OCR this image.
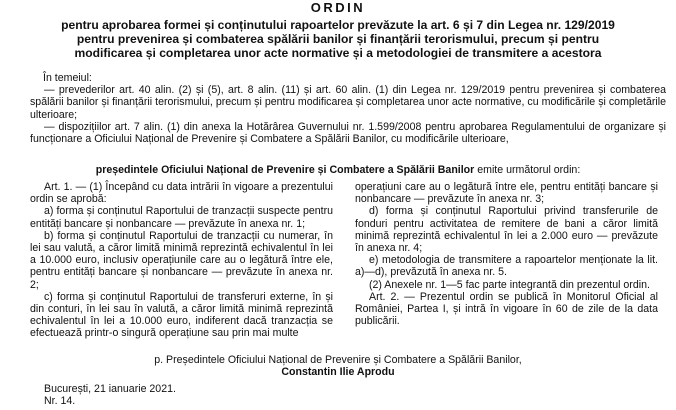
ORDIN
pentru aprobarea formei și conținutului rapoartelor prevăzute la art. 6 și 7 din Legea nr. 129/2019
pentru prevenirea și combaterea spălării banilor și finanțării terorismului, precum și pentru
modificarea și completarea unor acte normative și a metodologiei de transmitere a acestora

În temeiul:

— prevederilor art. 40 alin. (2) și (5), art. 8 alin. (11) și art. 60 alin. (1) din Legea nr. 129/2019 pentru prevenirea și combaterea spălării banilor și finanțării terorismului, precum și pentru modificarea și completarea unor acte normative, cu modificările și completările ulterioare;

— dispozițiilor art. 7 alin. (1) din anexa la Hotărârea Guvernului nr. 1.599/2008 pentru aprobarea Regulamentului de organizare și funcționare a Oficiului Național de Prevenire și Combatere a Spălării Banilor, cu modificările ulterioare,

președintele Oficiului Național de Prevenire și Combatere a Spălării Banilor emite următorul ordin:

Art. 1. — (1) Începând cu data intrării în vigoare a prezentului ordin se aprobă:

a) forma și conținutul Raportului de tranzacții suspecte pentru entități bancare și nonbancare — prevăzute în anexa nr. 1;

b) forma și conținutul Raportului de tranzacții cu numerar, în lei sau valută, a căror limită minimă reprezintă echivalentul în lei a 10.000 euro, inclusiv operațiunile care au o legătură între ele, pentru entități bancare și nonbancare — prevăzute în anexa nr. 2;

c) forma și conținutul Raportului de transferuri externe, în și din conturi, în lei sau în valută, a căror limită minimă reprezintă echivalentul în lei a 10.000 euro, indiferent dacă tranzacția se efectuează printr-o singură operațiune sau prin mai multe

operațiuni care au o legătură între ele, pentru entități bancare și nonbancare — prevăzute în anexa nr. 3;

d) forma și conținutul Raportului privind transferurile de fonduri pentru activitatea de remitere de bani a căror limită minimă reprezintă echivalentul în lei a 2.000 euro — prevăzute în anexa nr. 4;

e) metodologia de transmitere a rapoartelor menționate la lit. a)—d), prevăzută în anexa nr. 5.

(2) Anexele nr. 1—5 fac parte integrantă din prezentul ordin.

Art. 2. — Prezentul ordin se publică în Monitorul Oficial al României, Partea I, și intră în vigoare în 60 de zile de la data publicării.

p. Președintele Oficiului Național de Prevenire și Combatere a Spălării Banilor,
Constantin Ilie Aprodu
București, 21 ianuarie 2021.
Nr. 14.
